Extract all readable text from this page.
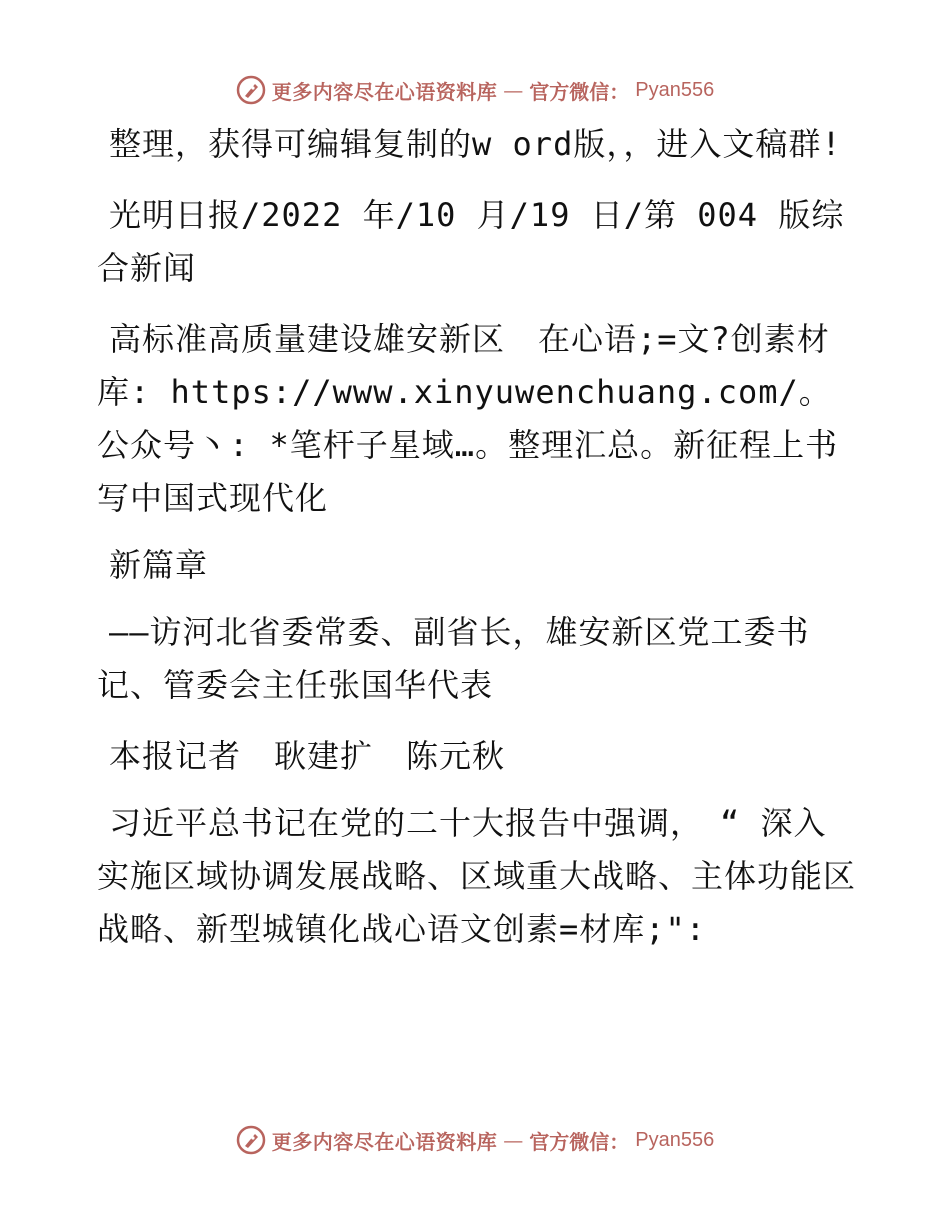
更多内容尽在心语资料库 — 官方微信： Pyan556

整理，获得可编辑复制的w ord版，，进入文稿群!

光明日报/2022 年/10 月/19 日/第 004 版综合新闻

高标准高质量建设雄安新区　在心语;=文?创素材库: https://www.xinyuwenchuang.com/。公众号丶: *笔杆子星域…。整理汇总。新征程上书写中国式现代化

新篇章

——访河北省委常委、副省长，雄安新区党工委书记、管委会主任张国华代表

本报记者　耿建扩　陈元秋

习近平总书记在党的二十大报告中强调，　“ 深入实施区域协调发展战略、区域重大战略、主体功能区战略、新型城镇化战心语文创素=材库;":

更多内容尽在心语资料库 — 官方微信： Pyan556
